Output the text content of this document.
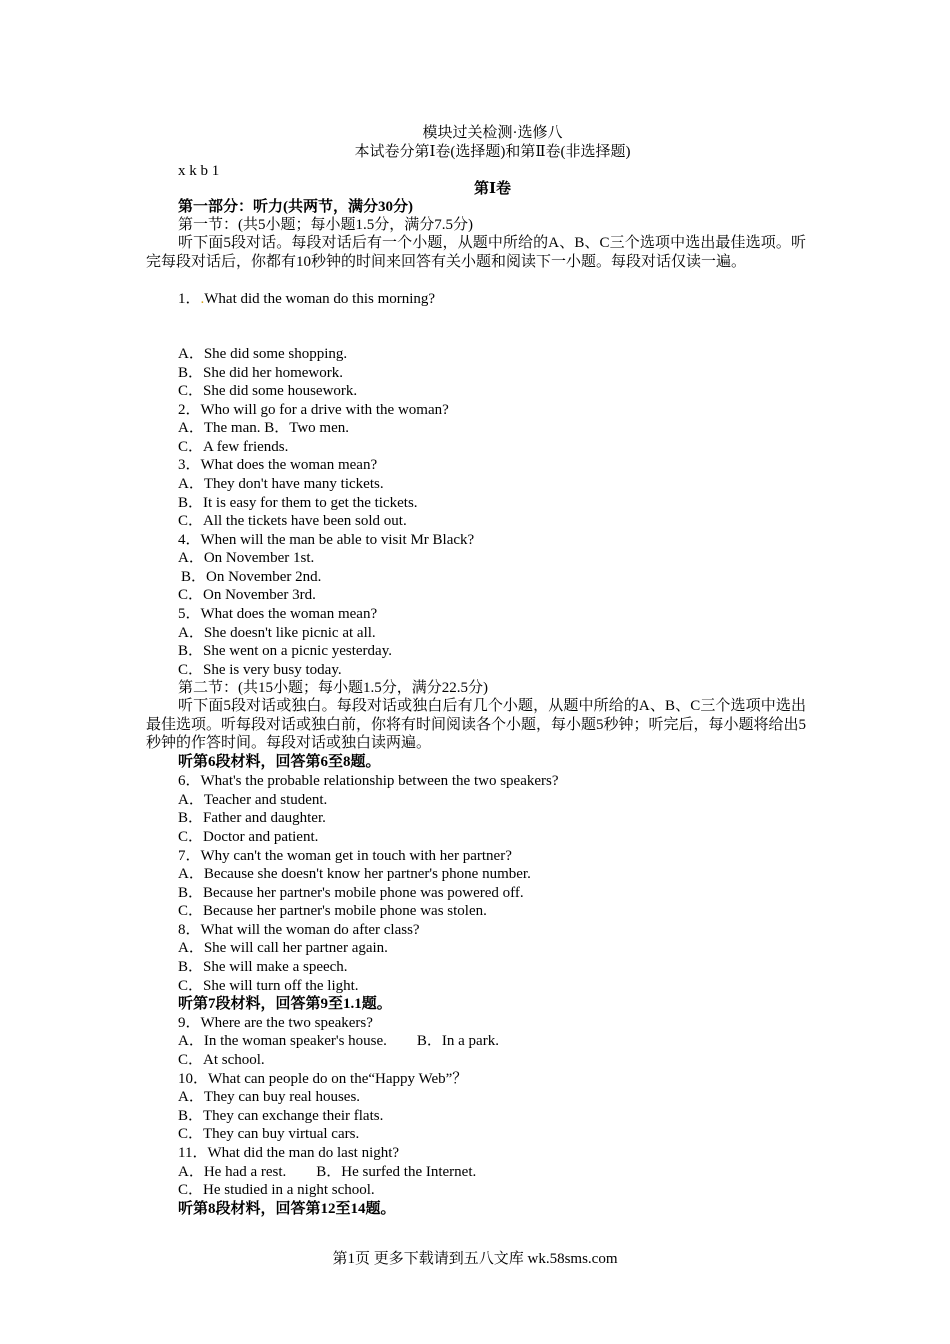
模块过关检测·选修八
本试卷分第Ⅰ卷(选择题)和第Ⅱ卷(非选择题)
x k b 1
第Ⅰ卷
第一部分：听力(共两节，满分30分)
第一节：(共5小题；每小题1.5分，满分7.5分)
听下面5段对话。每段对话后有一个小题，从题中所给的A、B、C三个选项中选出最佳选项。听完每段对话后，你都有10秒钟的时间来回答有关小题和阅读下一小题。每段对话仅读一遍。
1．.What did the woman do this morning?
A．She did some shopping.
B．She did her homework.
C．She did some housework.
2．Who will go for a drive with the woman?
A．The man. B．Two men.
C．A few friends.
3．What does the woman mean?
A．They don't have many tickets.
B．It is easy for them to get the tickets.
C．All the tickets have been sold out.
4．When will the man be able to visit Mr Black?
A．On November 1st.
B．On November 2nd.
C．On November 3rd.
5．What does the woman mean?
A．She doesn't like picnic at all.
B．She went on a picnic yesterday.
C．She is very busy today.
第二节：(共15小题；每小题1.5分，满分22.5分)
听下面5段对话或独白。每段对话或独白后有几个小题，从题中所给的A、B、C三个选项中选出最佳选项。听每段对话或独白前，你将有时间阅读各个小题，每小题5秒钟；听完后，每小题将给出5秒钟的作答时间。每段对话或独白读两遍。
听第6段材料，回答第6至8题。
6．What's the probable relationship between the two speakers?
A．Teacher and student.
B．Father and daughter.
C．Doctor and patient.
7．Why can't the woman get in touch with her partner?
A．Because she doesn't know her partner's phone number.
B．Because her partner's mobile phone was powered off.
C．Because her partner's mobile phone was stolen.
8．What will the woman do after class?
A．She will call her partner again.
B．She will make a speech.
C．She will turn off the light.
听第7段材料，回答第9至1.1题。
9．Where are the two speakers?
A．In the woman speaker's house.        B．In a park.
C．At school.
10．What can people do on the“Happy Web”？
A．They can buy real houses.
B．They can exchange their flats.
C．They can buy virtual cars.
11．What did the man do last night?
A．He had a rest.        B．He surfed the Internet.
C．He studied in a night school.
听第8段材料，回答第12至14题。
第1页 更多下载请到五八文库 wk.58sms.com
